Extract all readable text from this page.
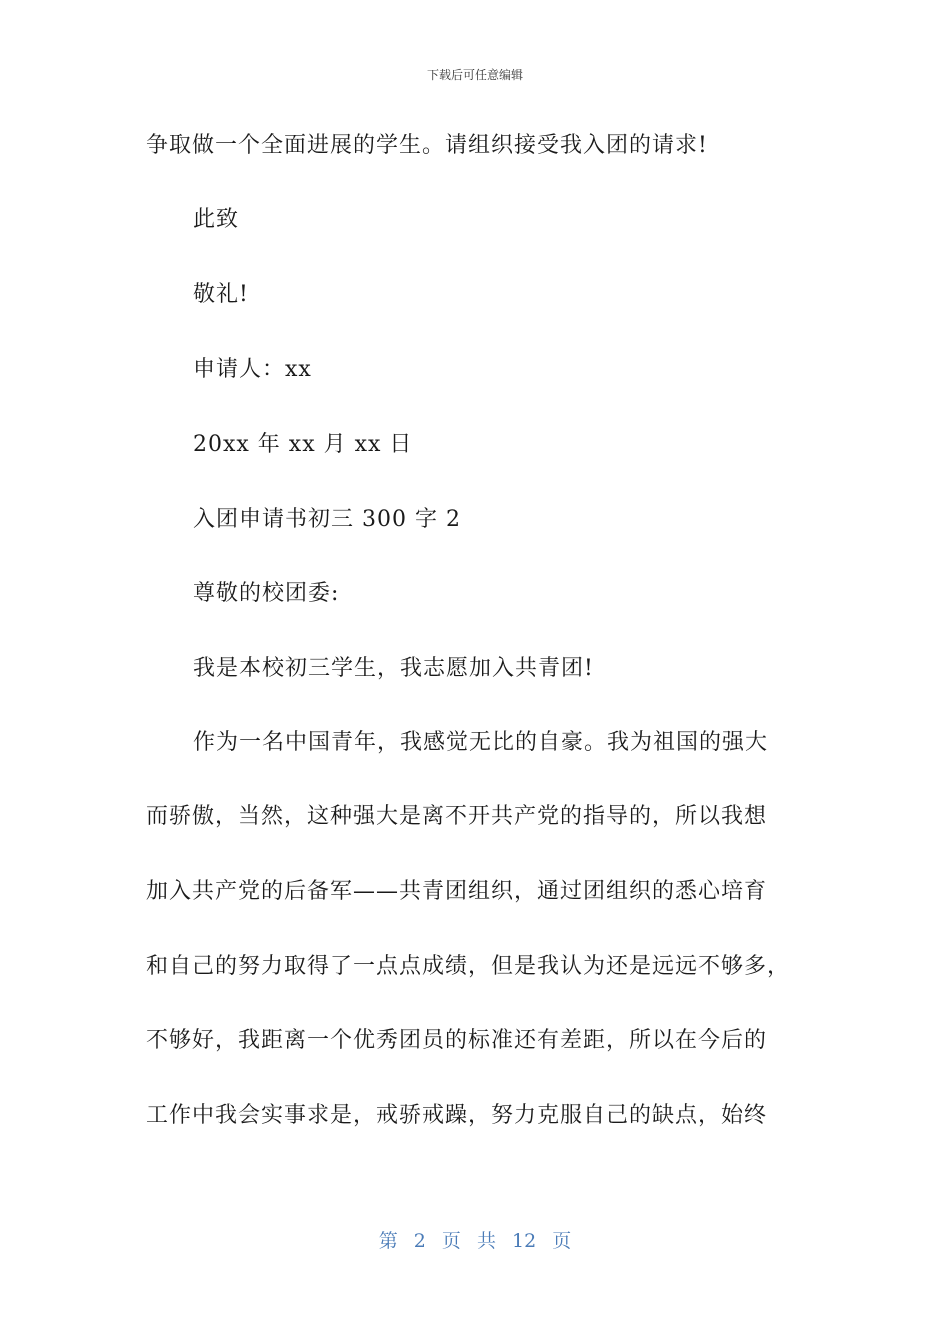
下载后可任意编辑
争取做一个全面进展的学生。请组织接受我入团的请求!
此致
敬礼!
申请人：xx
20xx 年 xx 月 xx 日
入团申请书初三 300 字 2
尊敬的校团委:
我是本校初三学生，我志愿加入共青团!
作为一名中国青年，我感觉无比的自豪。我为祖国的强大
而骄傲，当然，这种强大是离不开共产党的指导的，所以我想
加入共产党的后备军——共青团组织，通过团组织的悉心培育
和自己的努力取得了一点点成绩，但是我认为还是远远不够多，
不够好，我距离一个优秀团员的标准还有差距，所以在今后的
工作中我会实事求是，戒骄戒躁，努力克服自己的缺点，始终
第 2 页 共 12 页
